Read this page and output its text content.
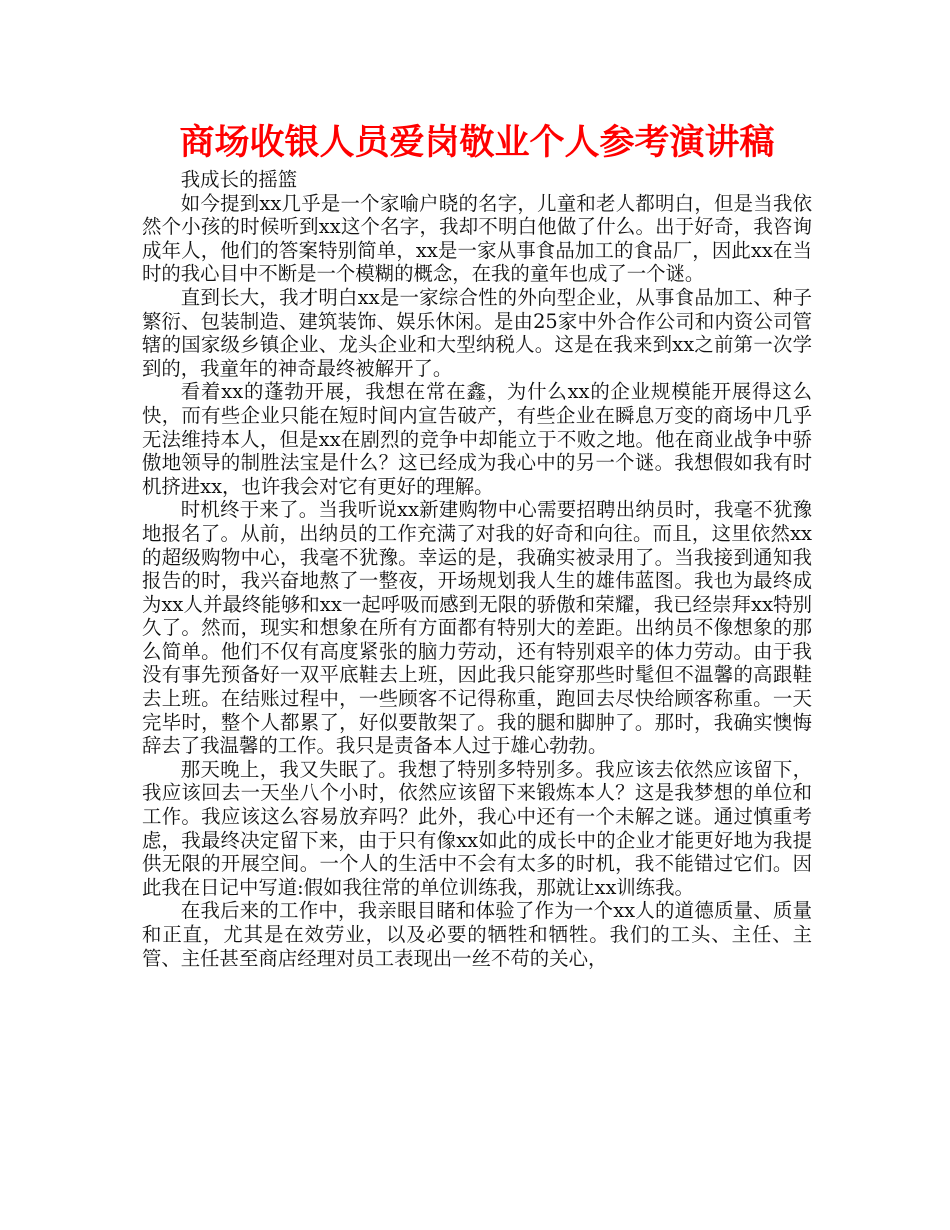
商场收银人员爱岗敬业个人参考演讲稿

我成长的摇篮

如今提到xx几乎是一个家喻户晓的名字，儿童和老人都明白，但是当我依然个小孩的时候听到xx这个名字，我却不明白他做了什么。出于好奇，我咨询成年人，他们的答案特别简单，xx是一家从事食品加工的食品厂，因此xx在当时的我心目中不断是一个模糊的概念，在我的童年也成了一个谜。

直到长大，我才明白xx是一家综合性的外向型企业，从事食品加工、种子繁衍、包装制造、建筑装饰、娱乐休闲。是由25家中外合作公司和内资公司管辖的国家级乡镇企业、龙头企业和大型纳税人。这是在我来到xx之前第一次学到的，我童年的神奇最终被解开了。

看着xx的蓬勃开展，我想在常在鑫，为什么xx的企业规模能开展得这么快，而有些企业只能在短时间内宣告破产，有些企业在瞬息万变的商场中几乎无法维持本人，但是xx在剧烈的竞争中却能立于不败之地。他在商业战争中骄傲地领导的制胜法宝是什么？这已经成为我心中的另一个谜。我想假如我有时机挤进xx，也许我会对它有更好的理解。

时机终于来了。当我听说xx新建购物中心需要招聘出纳员时，我毫不犹豫地报名了。从前，出纳员的工作充满了对我的好奇和向往。而且，这里依然xx的超级购物中心，我毫不犹豫。幸运的是，我确实被录用了。当我接到通知我报告的时，我兴奋地熬了一整夜，开场规划我人生的雄伟蓝图。我也为最终成为xx人并最终能够和xx一起呼吸而感到无限的骄傲和荣耀，我已经崇拜xx特别久了。然而，现实和想象在所有方面都有特别大的差距。出纳员不像想象的那么简单。他们不仅有高度紧张的脑力劳动，还有特别艰辛的体力劳动。由于我没有事先预备好一双平底鞋去上班，因此我只能穿那些时髦但不温馨的高跟鞋去上班。在结账过程中，一些顾客不记得称重，跑回去尽快给顾客称重。一天完毕时，整个人都累了，好似要散架了。我的腿和脚肿了。那时，我确实懊悔辞去了我温馨的工作。我只是责备本人过于雄心勃勃。

那天晚上，我又失眠了。我想了特别多特别多。我应该去依然应该留下，我应该回去一天坐八个小时，依然应该留下来锻炼本人？这是我梦想的单位和工作。我应该这么容易放弃吗？此外，我心中还有一个未解之谜。通过慎重考虑，我最终决定留下来，由于只有像xx如此的成长中的企业才能更好地为我提供无限的开展空间。一个人的生活中不会有太多的时机，我不能错过它们。因此我在日记中写道:假如我往常的单位训练我，那就让xx训练我。

在我后来的工作中，我亲眼目睹和体验了作为一个xx人的道德质量、质量和正直，尤其是在效劳业，以及必要的牺牲和牺牲。我们的工头、主任、主管、主任甚至商店经理对员工表现出一丝不苟的关心，
